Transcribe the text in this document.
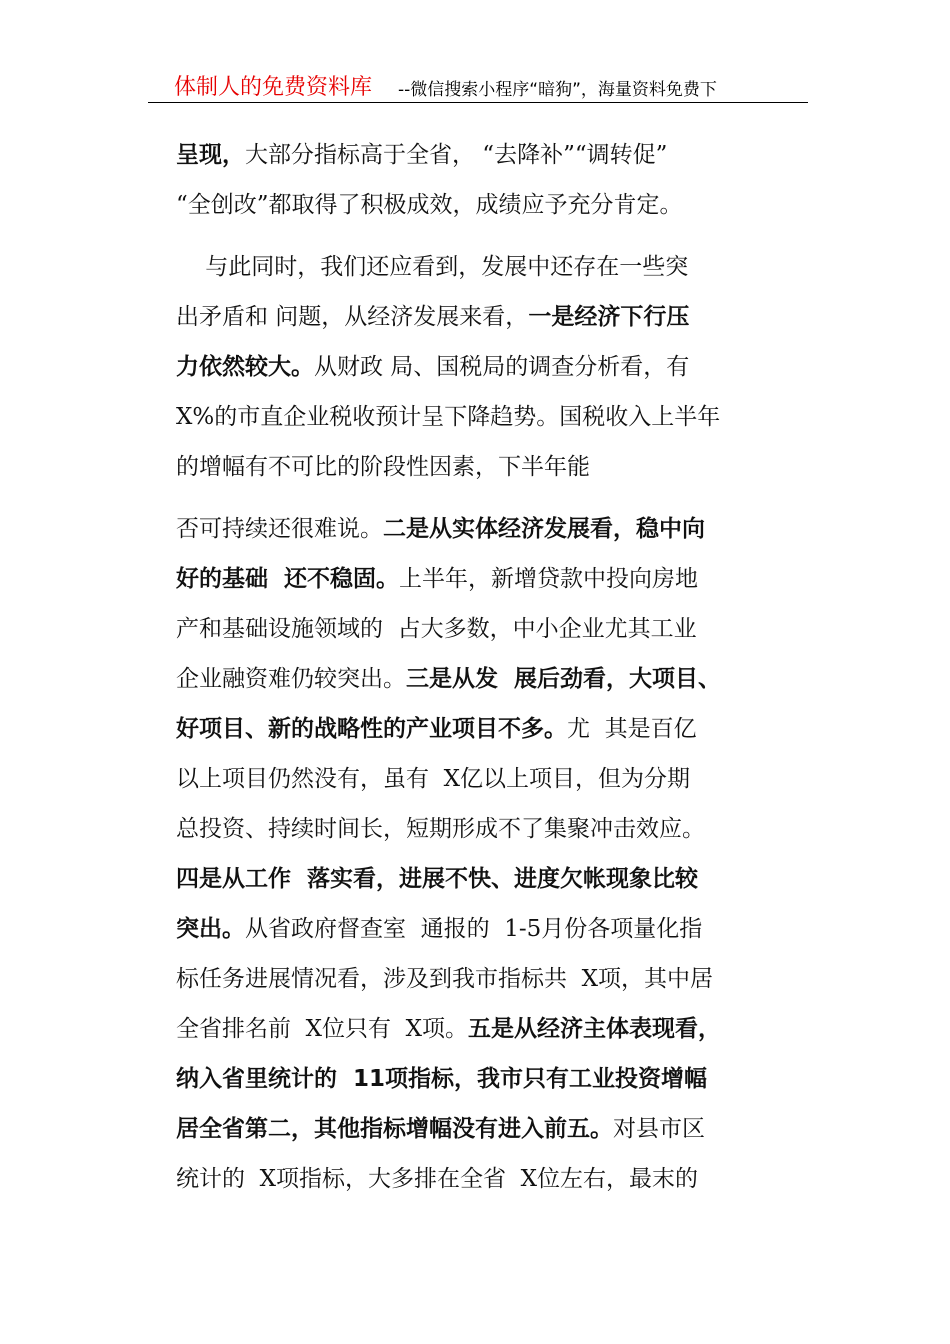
体制人的免费资料库 --微信搜索小程序“暗狗”，海量资料免费下
呈现，大部分指标高于全省， “去降补”“调转促”
“全创改”都取得了积极成效，成绩应予充分肯定。
与此同时，我们还应看到，发展中还存在一些突
出矛盾和 问题，从经济发展来看，一是经济下行压
力依然较大。从财政 局、国税局的调查分析看，有
X%的市直企业税收预计呈下降趋势。国税收入上半年
的增幅有不可比的阶段性因素，下半年能
否可持续还很难说。二是从实体经济发展看，稳中向
好的基础  还不稳固。上半年，新增贷款中投向房地
产和基础设施领域的  占大多数，中小企业尤其工业
企业融资难仍较突出。三是从发  展后劲看，大项目、
好项目、新的战略性的产业项目不多。尤  其是百亿
以上项目仍然没有，虽有  X亿以上项目，但为分期
总投资、持续时间长，短期形成不了集聚冲击效应。
四是从工作  落实看，进展不快、进度欠帐现象比较
突出。从省政府督查室  通报的  1-5月份各项量化指
标任务进展情况看，涉及到我市指标共  X项，其中居
全省排名前  X位只有  X项。五是从经济主体表现看，
纳入省里统计的  11项指标，我市只有工业投资增幅
居全省第二，其他指标增幅没有进入前五。对县市区
统计的  X项指标，大多排在全省  X位左右，最末的
